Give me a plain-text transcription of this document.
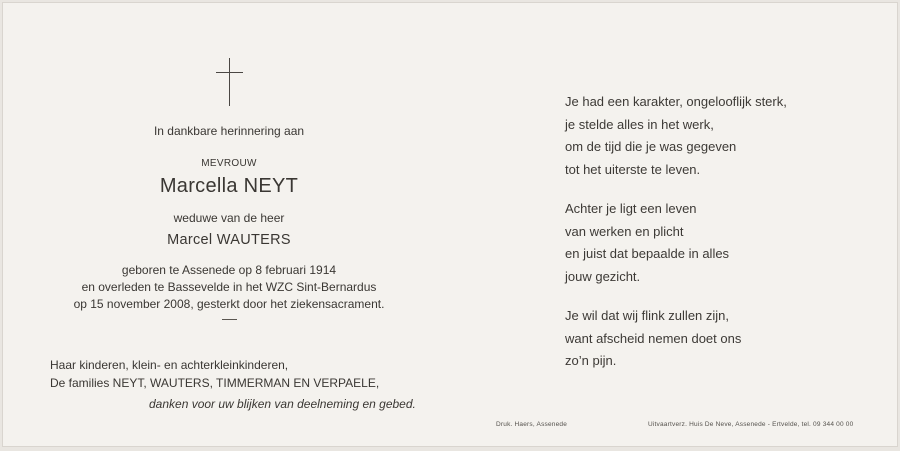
In dankbare herinnering aan

MEVROUW

Marcella NEYT

weduwe van de heer

Marcel WAUTERS

geboren te Assenede op 8 februari 1914

en overleden te Bassevelde in het WZC Sint-Bernardus

op 15 november 2008, gesterkt door het ziekensacrament.

Haar kinderen, klein- en achterkleinkinderen,

De families NEYT, WAUTERS, TIMMERMAN EN VERPAELE,

danken voor uw blijken van deelneming en gebed.

Je had een karakter, ongelooflijk sterk,

je stelde alles in het werk,

om de tijd die je was gegeven

tot het uiterste te leven.

Achter je ligt een leven

van werken en plicht

en juist dat bepaalde in alles

jouw gezicht.

Je wil dat wij flink zullen zijn,

want afscheid nemen doet ons

zo’n pijn.

Druk. Haers, Assenede	Uitvaartverz. Huis De Neve, Assenede - Ertvelde, tel. 09 344 00 00
